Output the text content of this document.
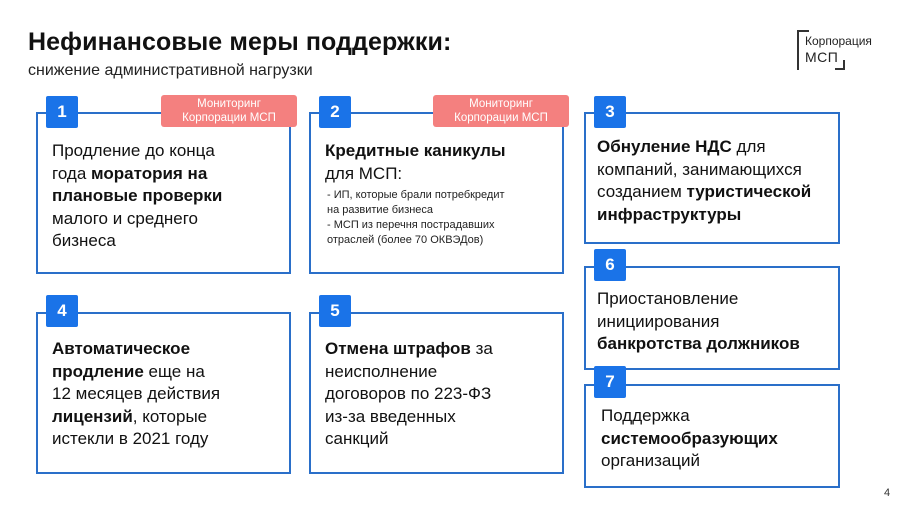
Нефинансовые меры поддержки:

снижение административной нагрузки

Корпорация
МСП
1	Мониторинг
Корпорации МСП
Продление до конца
года моратория на
плановые проверки
малого и среднего
бизнеса
2	Мониторинг
Корпорации МСП
Кредитные каникулы
для МСП:
- ИП, которые брали потребкредит
на развитие бизнеса
- МСП из перечня пострадавших
отраслей (более 70 ОКВЭДов)
3
Обнуление НДС для
компаний, занимающихся
созданием туристической
инфраструктуры
4
Автоматическое
продление еще на
12 месяцев действия
лицензий, которые
истекли в 2021 году
5
Отмена штрафов за
неисполнение
договоров по 223-ФЗ
из-за введенных
санкций
6
Приостановление
инициирования
банкротства должников
7
Поддержка
системообразующих
организаций
4
